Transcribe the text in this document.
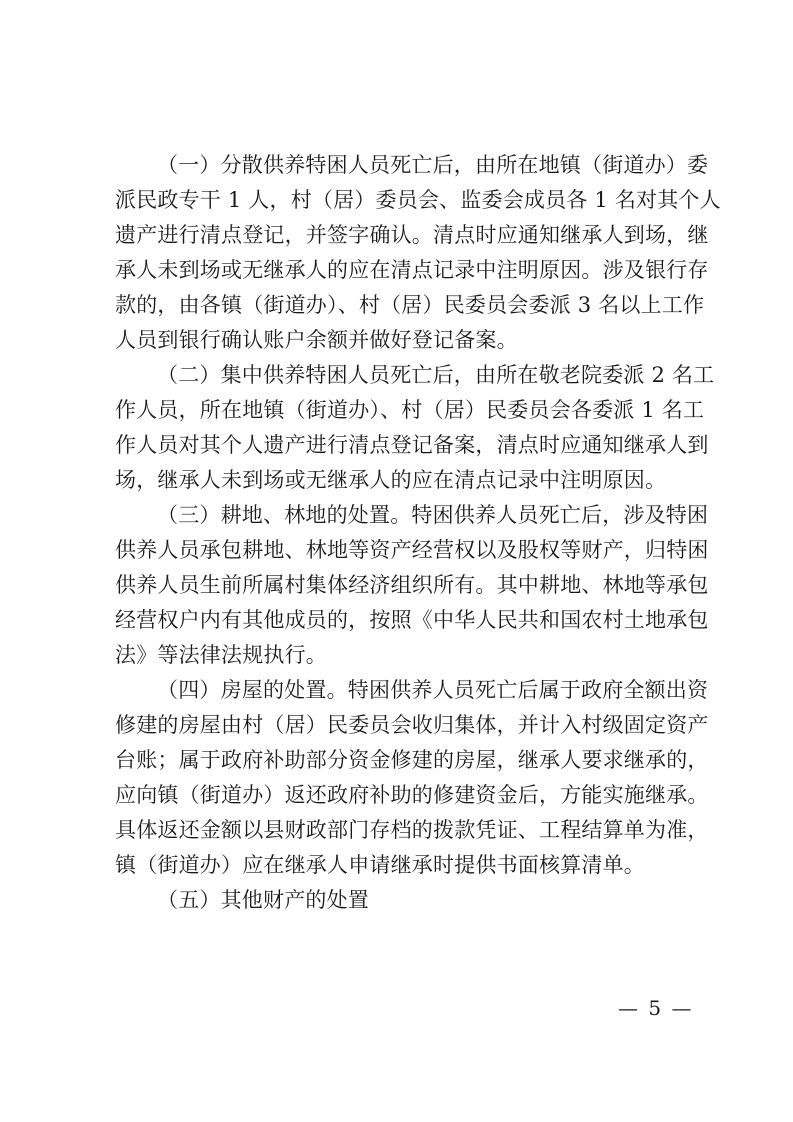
（一）分散供养特困人员死亡后，由所在地镇（街道办）委
派民政专干 1 人，村（居）委员会、监委会成员各 1 名对其个人
遗产进行清点登记，并签字确认。清点时应通知继承人到场，继
承人未到场或无继承人的应在清点记录中注明原因。涉及银行存
款的，由各镇（街道办）、村（居）民委员会委派 3 名以上工作
人员到银行确认账户余额并做好登记备案。
（二）集中供养特困人员死亡后，由所在敬老院委派 2 名工
作人员，所在地镇（街道办）、村（居）民委员会各委派 1 名工
作人员对其个人遗产进行清点登记备案，清点时应通知继承人到
场，继承人未到场或无继承人的应在清点记录中注明原因。
（三）耕地、林地的处置。特困供养人员死亡后，涉及特困
供养人员承包耕地、林地等资产经营权以及股权等财产，归特困
供养人员生前所属村集体经济组织所有。其中耕地、林地等承包
经营权户内有其他成员的，按照《中华人民共和国农村土地承包
法》等法律法规执行。
（四）房屋的处置。特困供养人员死亡后属于政府全额出资
修建的房屋由村（居）民委员会收归集体，并计入村级固定资产
台账；属于政府补助部分资金修建的房屋，继承人要求继承的，
应向镇（街道办）返还政府补助的修建资金后，方能实施继承。
具体返还金额以县财政部门存档的拨款凭证、工程结算单为准，
镇（街道办）应在继承人申请继承时提供书面核算清单。
（五）其他财产的处置
— 5 —
